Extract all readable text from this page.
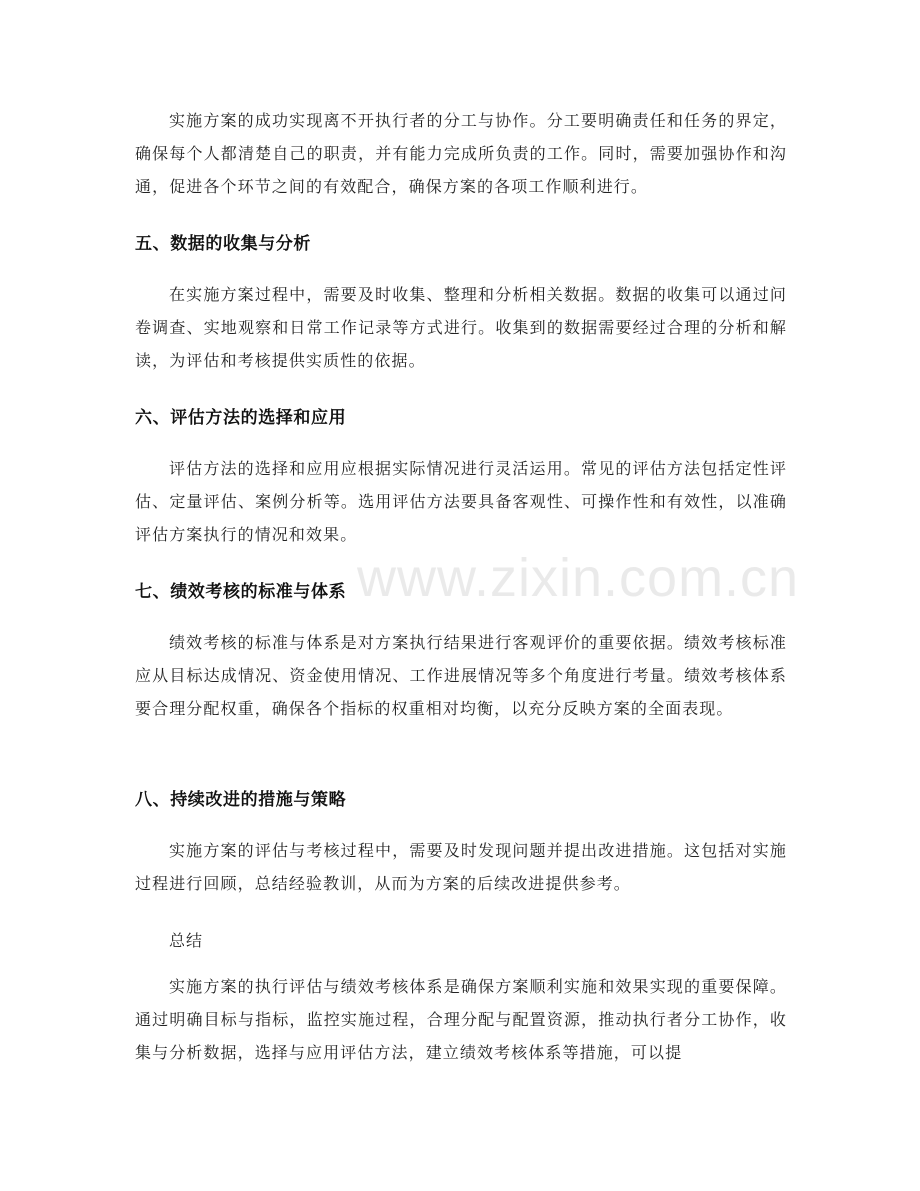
实施方案的成功实现离不开执行者的分工与协作。分工要明确责任和任务的界定，确保每个人都清楚自己的职责，并有能力完成所负责的工作。同时，需要加强协作和沟通，促进各个环节之间的有效配合，确保方案的各项工作顺利进行。

五、数据的收集与分析

在实施方案过程中，需要及时收集、整理和分析相关数据。数据的收集可以通过问卷调查、实地观察和日常工作记录等方式进行。收集到的数据需要经过合理的分析和解读，为评估和考核提供实质性的依据。

六、评估方法的选择和应用

评估方法的选择和应用应根据实际情况进行灵活运用。常见的评估方法包括定性评估、定量评估、案例分析等。选用评估方法要具备客观性、可操作性和有效性，以准确评估方案执行的情况和效果。

七、绩效考核的标准与体系

绩效考核的标准与体系是对方案执行结果进行客观评价的重要依据。绩效考核标准应从目标达成情况、资金使用情况、工作进展情况等多个角度进行考量。绩效考核体系要合理分配权重，确保各个指标的权重相对均衡，以充分反映方案的全面表现。

八、持续改进的措施与策略

实施方案的评估与考核过程中，需要及时发现问题并提出改进措施。这包括对实施过程进行回顾，总结经验教训，从而为方案的后续改进提供参考。

总结

实施方案的执行评估与绩效考核体系是确保方案顺利实施和效果实现的重要保障。通过明确目标与指标，监控实施过程，合理分配与配置资源，推动执行者分工协作，收集与分析数据，选择与应用评估方法，建立绩效考核体系等措施，可以提

www.zixin.com.cn
